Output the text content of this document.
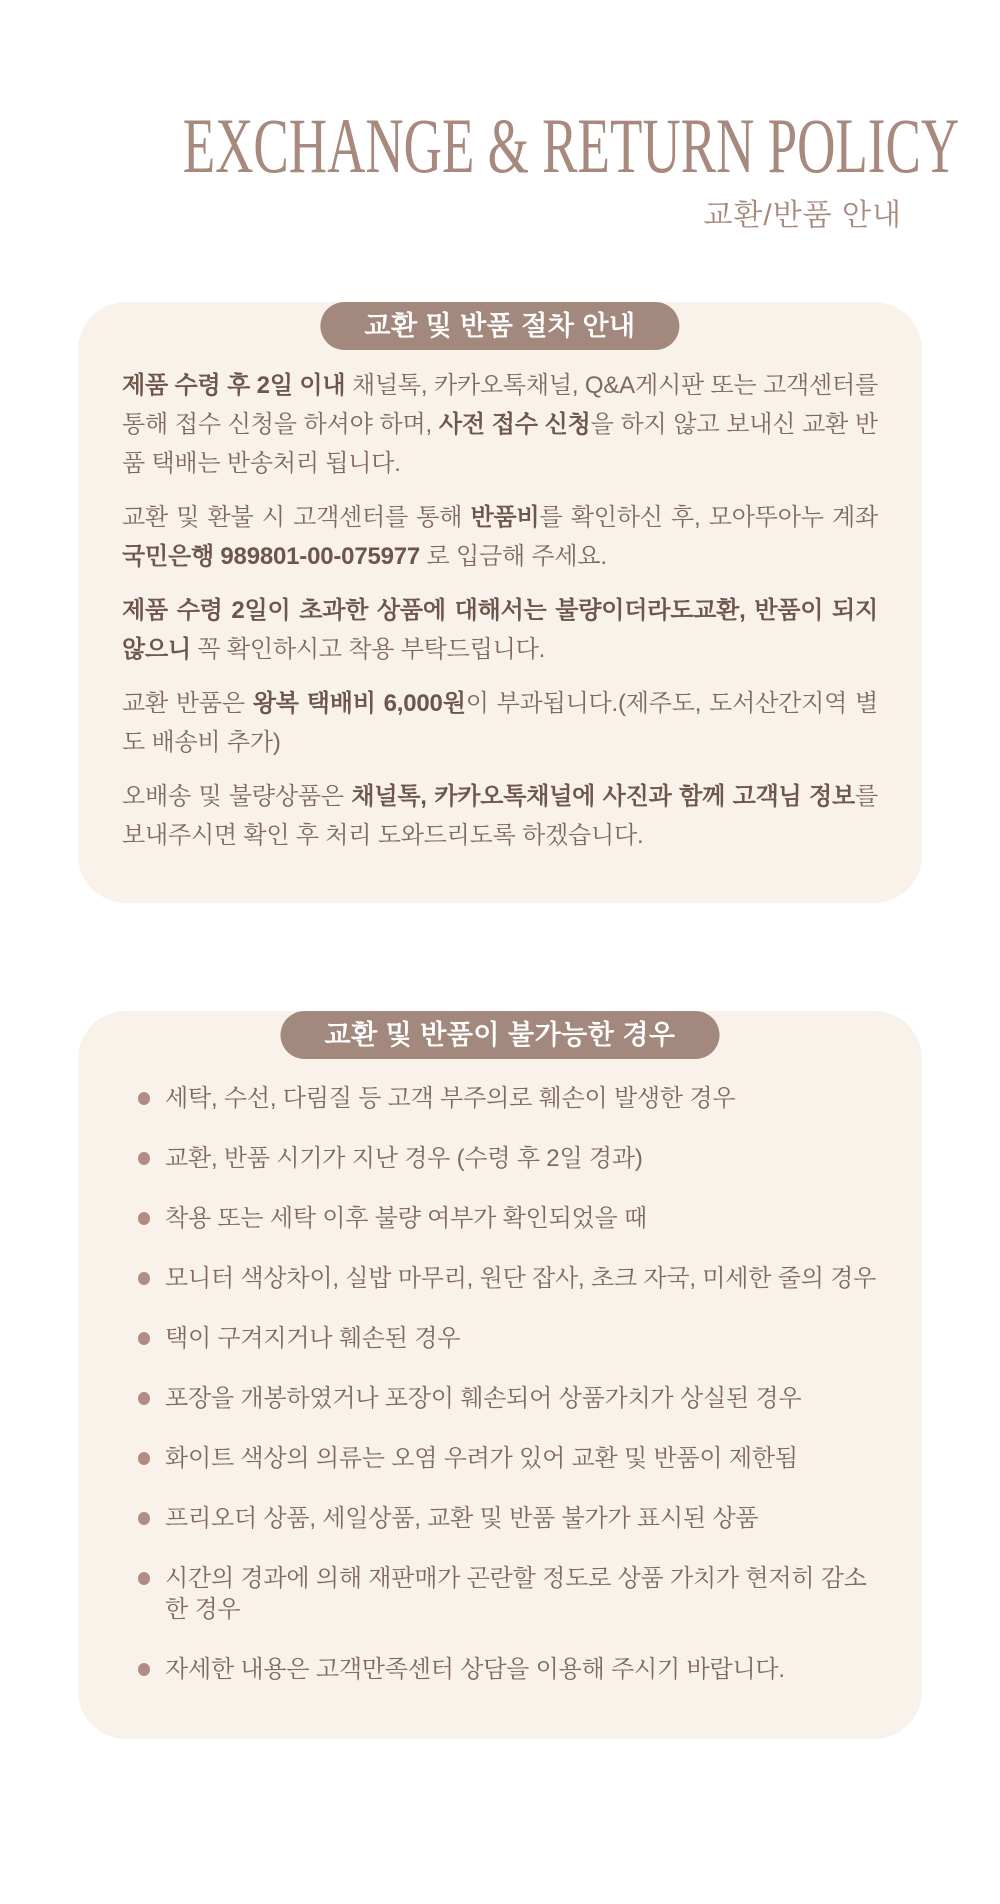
EXCHANGE & RETURN POLICY
교환/반품 안내
교환 및 반품 절차 안내

제품 수령 후 2일 이내 채널톡, 카카오톡채널, Q&A게시판 또는 고객센터를 통해 접수 신청을 하셔야 하며, 사전 접수 신청을 하지 않고 보내신 교환 반품 택배는 반송처리 됩니다.

교환 및 환불 시 고객센터를 통해 반품비를 확인하신 후, 모아뚜아누 계좌 국민은행 989801-00-075977 로 입금해 주세요.

제품 수령 2일이 초과한 상품에 대해서는 불량이더라도교환, 반품이 되지 않으니 꼭 확인하시고 착용 부탁드립니다.

교환 반품은 왕복 택배비 6,000원이 부과됩니다.(제주도, 도서산간지역 별도 배송비 추가)

오배송 및 불량상품은 채널톡, 카카오톡채널에 사진과 함께 고객님 정보를 보내주시면 확인 후 처리 도와드리도록 하겠습니다.

교환 및 반품이 불가능한 경우
세탁, 수선, 다림질 등 고객 부주의로 훼손이 발생한 경우
교환, 반품 시기가 지난 경우 (수령 후 2일 경과)
착용 또는 세탁 이후 불량 여부가 확인되었을 때
모니터 색상차이, 실밥 마무리, 원단 잡사, 초크 자국, 미세한 줄의 경우
택이 구겨지거나 훼손된 경우
포장을 개봉하였거나 포장이 훼손되어 상품가치가 상실된 경우
화이트 색상의 의류는 오염 우려가 있어 교환 및 반품이 제한됨
프리오더 상품, 세일상품, 교환 및 반품 불가가 표시된 상품
시간의 경과에 의해 재판매가 곤란할 정도로 상품 가치가 현저히 감소한 경우
자세한 내용은 고객만족센터 상담을 이용해 주시기 바랍니다.
